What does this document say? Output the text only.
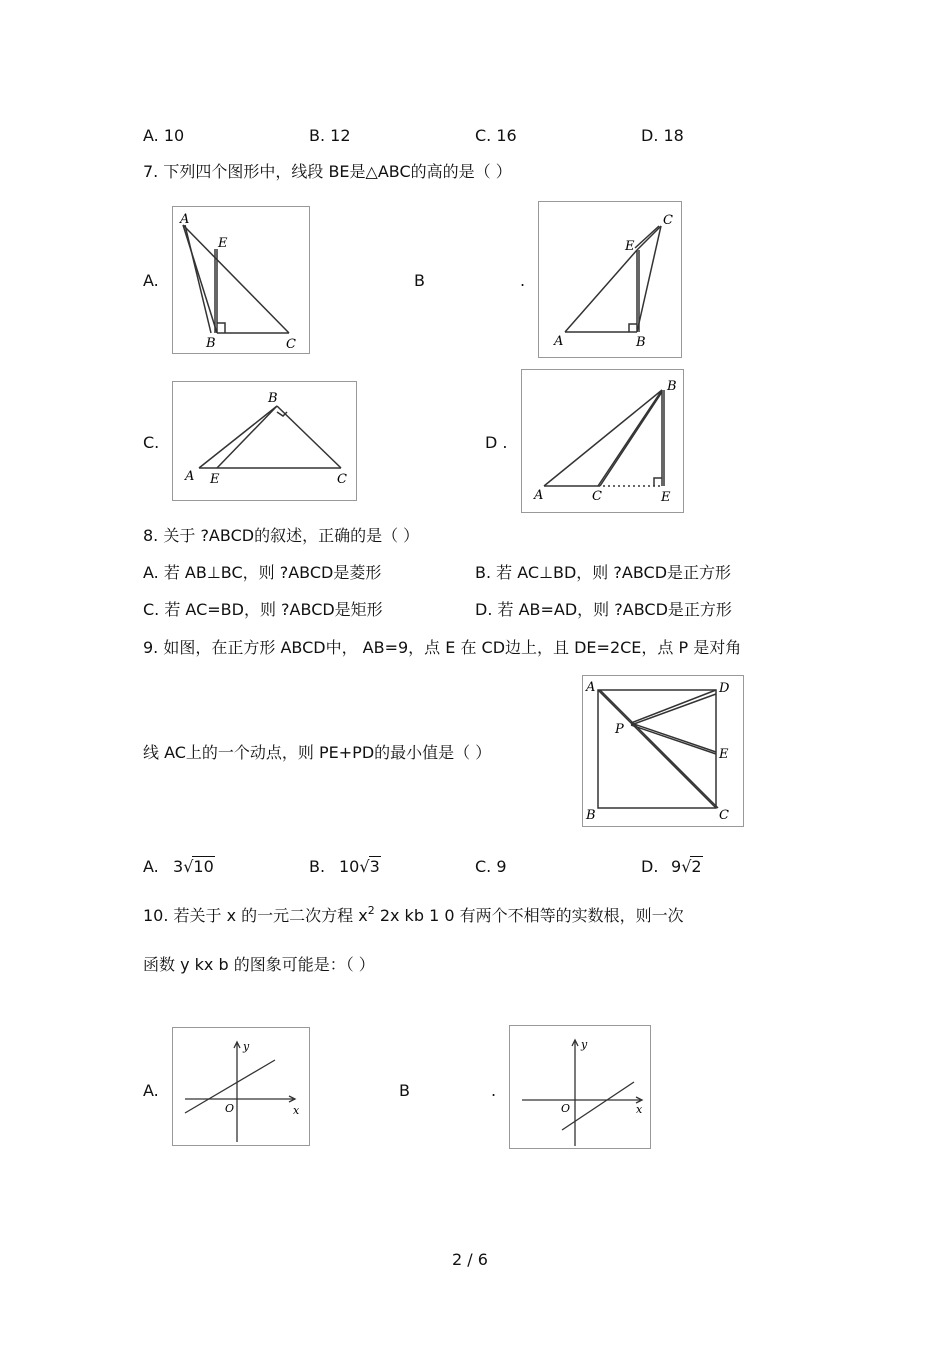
A. 10	B. 12	C. 16	D. 18
7. 下列四个图形中，线段 BE是△ABC的高的是（ ）
A.
A
E
B	C
B	.
C
E
A	B
C.
B
A E	C
D .
B
A	C	E
8. 关于 ?ABCD的叙述，正确的是（ ）
A. 若 AB⊥BC，则 ?ABCD是菱形	B. 若 AC⊥BD，则 ?ABCD是正方形
C. 若 AC=BD，则 ?ABCD是矩形	D. 若 AB=AD，则 ?ABCD是正方形
9. 如图，在正方形 ABCD中， AB=9，点 E 在 CD边上，且 DE=2CE，点 P 是对角
线 AC上的一个动点，则 PE+PD的最小值是（ ）
A	D
P
E
B	C
A. 3√10	B. 10√3	C. 9	D. 9√2
10. 若关于 x 的一元二次方程 $x^2$ 2x kb 1 0 有两个不相等的实数根，则一次
函数 y kx b 的图象可能是：（ ）
A.
y
x
O
B	.
y
x
O
2 / 6
